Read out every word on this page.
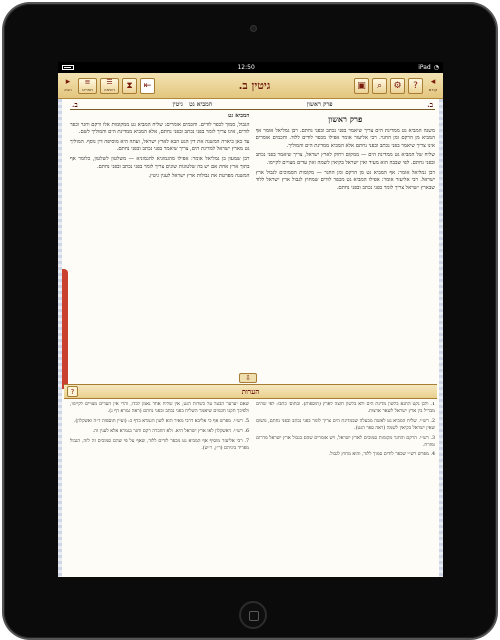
12:50	iPad ◔
◂
קודם
?
⚙
⌕
▣
גיטין ב.
▸
הבא
≡
תפריט
☰
רשימה ⧗ ⇤
ב.
פרק ראשון
המביא גט   גיטין
ב.
פרק ראשון

משנה המביא גט ממדינת הים צריך שיאמר בפני נכתב ובפני נחתם. רבן גמליאל אומר אף המביא מן הרקם ומן החגר. רבי אליעזר אומר אפילו מכפר לודים ללוד. וחכמים אומרים אינו צריך שיאמר בפני נכתב ובפני נחתם אלא המביא ממדינת הים והמוליך.

שליח של המביא גט ממדינת הים — ממקום רחוק לארץ ישראל, צריך שיאמר בפני נכתב ובפני נחתם. לפי שבבה הוא מעיד ואין ישראל בקיאין לשמה ואין עדים מצויים לקיימו.

רבן גמליאל אומר: אף המביא גט מן הרקם ומן החגר — מקומות הסמוכים לגבול ארץ ישראל. רבי אליעזר אומר: אפילו המביא גט מכפר לודים שמחוץ לגבול ארץ ישראל ללוד שבארץ ישראל צריך לומר בפני נכתב ובפני נחתם.

המביא גט

הגבול, סמוך לכפר לודים. וחכמים אומרים: שליח המביא גט ממקומות אלו ורקם וחגר וכפר לודים, אינו צריך לומר בפני נכתב ובפני נחתם, אלא המביא ממדינת הים והמוליך לשם.

עד כאן ביארה המשנה את דין הגט הבא לארץ ישראל, ועתה היא מוסיפה דין נוסף. המוליך גט מארץ ישראל למדינת הים, צריך שיאמר בפני נכתב ובפני נחתם.

רבן שמעון בן גמליאל אומר: אפילו מהגמוניא להגמוניא — משלטון לשלטון, כלומר אף בתוך ארץ אחת אם יש בה שלטונות שונים צריך לומר בפני נכתב ובפני נחתם.

המשנה מפרטת את גבולות ארץ ישראל לענין גיטין.

⇩
הערות
?

1. ולכן נקט התנא בלשון מדינת הים ולא בלשון חוצה לארץ (תוספות). ובתוס׳ כתבו: לפי שהים מבדיל בין ארץ ישראל לשאר ארצות.

2. רש״י. שליח המביא גט לאשה מבעלה שבמדינת הים צריך לומר בפני נכתב ובפני נחתם, משום שאין ישראל בקיאין לשמה (ראה ספר הגט).

3. רש״י. הרקם והחגר מקומות סמוכים לארץ ישראל, ויש אומרים שהם בגבול ארץ ישראל מדרום ומזרח.

4. מפרש רש״י שכפר לודים סמוך ללוד, והוא מחוץ לגבול.

שאם יערער הבעל על כשרות הגט, אין שליח אחד נאמן לבדו, והרי אין העדים מצויים לקיימו, ולפיכך תקנו חכמים שיאמר השליח בפני נכתב ובפני נחתם (ראה גמרא דף ג).

5. רש״י. מפרש אף כי אליבא דרבי מאיר הוא לשון הגמרא בדף ב: (ועיין תוספות ד״ה ואשקלון).

6. רש״י. דאשקלון לאו ארץ ישראל היא. ולא הוזכרה רקם וחגר בגמרא אלא לענין זה.

7. רבי אליעזר מוסיף אף המביא גט מכפר לודים ללוד, שאף על פי שהם סמוכים זה לזה, הגבול מפריד ביניהם (ר״ן, ר״ש).
